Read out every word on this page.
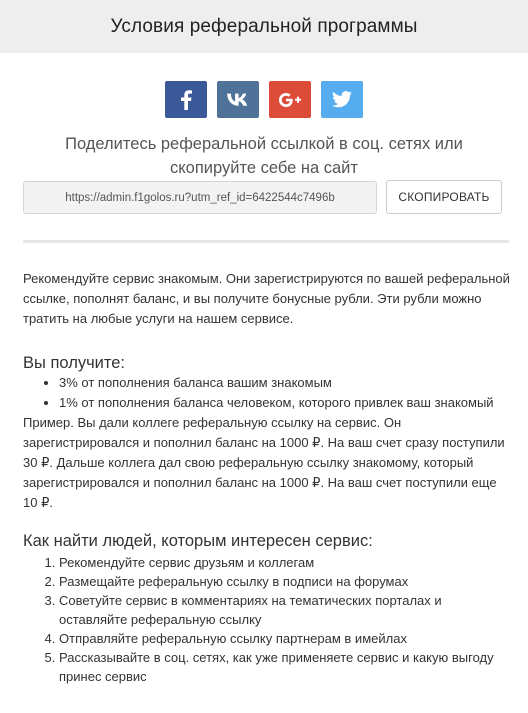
Условия реферальной программы
Поделитесь реферальной ссылкой в соц. сетях или
скопируйте себе на сайт
https://admin.f1golos.ru?utm_ref_id=6422544c7496b
СКОПИРОВАТЬ

Рекомендуйте сервис знакомым. Они зарегистрируются по вашей реферальной ссылке, пополнят баланс, и вы получите бонусные рубли. Эти рубли можно тратить на любые услуги на нашем сервисе.

Вы получите:
• 3% от пополнения баланса вашим знакомым
• 1% от пополнения баланса человеком, которого привлек ваш знакомый

Пример. Вы дали коллеге реферальную ссылку на сервис. Он зарегистрировался и пополнил баланс на 1000 ₽. На ваш счет сразу поступили 30 ₽. Дальше коллега дал свою реферальную ссылку знакомому, который зарегистрировался и пополнил баланс на 1000 ₽. На ваш счет поступили еще 10 ₽.

Как найти людей, которым интересен сервис:
1. Рекомендуйте сервис друзьям и коллегам
2. Размещайте реферальную ссылку в подписи на форумах
3. Советуйте сервис в комментариях на тематических порталах и оставляйте реферальную ссылку
4. Отправляйте реферальную ссылку партнерам в имейлах
5. Рассказывайте в соц. сетях, как уже применяете сервис и какую выгоду принес сервис
